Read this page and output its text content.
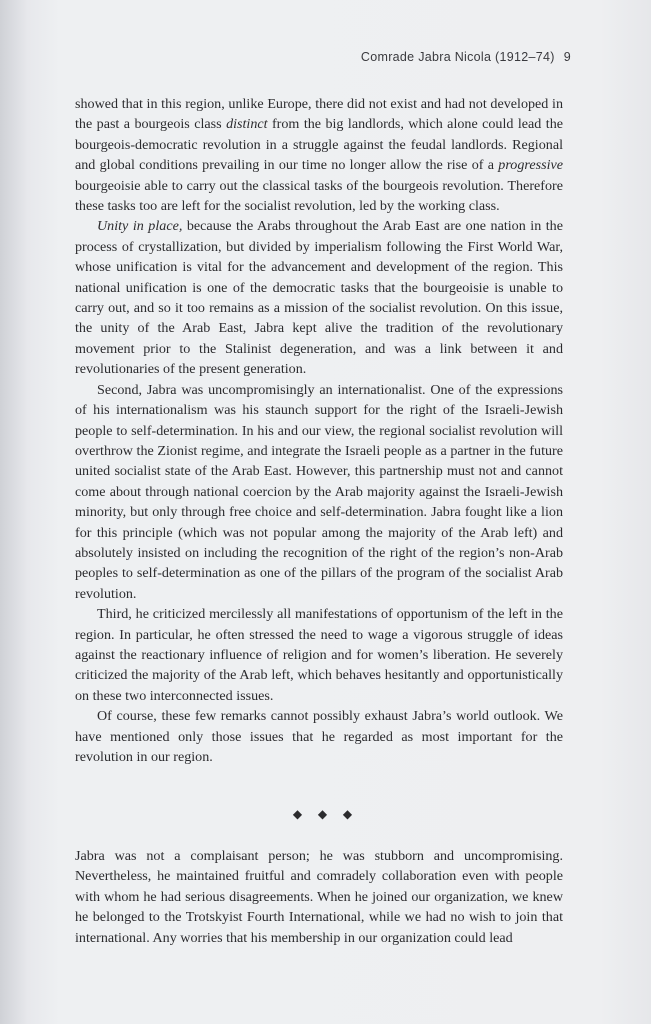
Comrade Jabra Nicola (1912–74) 9

showed that in this region, unlike Europe, there did not exist and had not developed in the past a bourgeois class distinct from the big landlords, which alone could lead the bourgeois-democratic revolution in a struggle against the feudal landlords. Regional and global conditions prevailing in our time no longer allow the rise of a progressive bourgeoisie able to carry out the classical tasks of the bourgeois revolution. Therefore these tasks too are left for the socialist revolution, led by the working class.

Unity in place, because the Arabs throughout the Arab East are one nation in the process of crystallization, but divided by imperialism following the First World War, whose unification is vital for the advancement and development of the region. This national unification is one of the democratic tasks that the bourgeoisie is unable to carry out, and so it too remains as a mission of the socialist revolution. On this issue, the unity of the Arab East, Jabra kept alive the tradition of the revolutionary movement prior to the Stalinist degeneration, and was a link between it and revolutionaries of the present generation.

Second, Jabra was uncompromisingly an internationalist. One of the expressions of his internationalism was his staunch support for the right of the Israeli-Jewish people to self-determination. In his and our view, the regional socialist revolution will overthrow the Zionist regime, and integrate the Israeli people as a partner in the future united socialist state of the Arab East. However, this partnership must not and cannot come about through national coercion by the Arab majority against the Israeli-Jewish minority, but only through free choice and self-determination. Jabra fought like a lion for this principle (which was not popular among the majority of the Arab left) and absolutely insisted on including the recognition of the right of the region’s non-Arab peoples to self-determination as one of the pillars of the program of the socialist Arab revolution.

Third, he criticized mercilessly all manifestations of opportunism of the left in the region. In particular, he often stressed the need to wage a vigorous struggle of ideas against the reactionary influence of religion and for women’s liberation. He severely criticized the majority of the Arab left, which behaves hesitantly and opportunistically on these two interconnected issues.

Of course, these few remarks cannot possibly exhaust Jabra’s world outlook. We have mentioned only those issues that he regarded as most important for the revolution in our region.

◆ ◆ ◆

Jabra was not a complaisant person; he was stubborn and uncompromising. Nevertheless, he maintained fruitful and comradely collaboration even with people with whom he had serious disagreements. When he joined our organization, we knew he belonged to the Trotskyist Fourth International, while we had no wish to join that international. Any worries that his membership in our organization could lead
